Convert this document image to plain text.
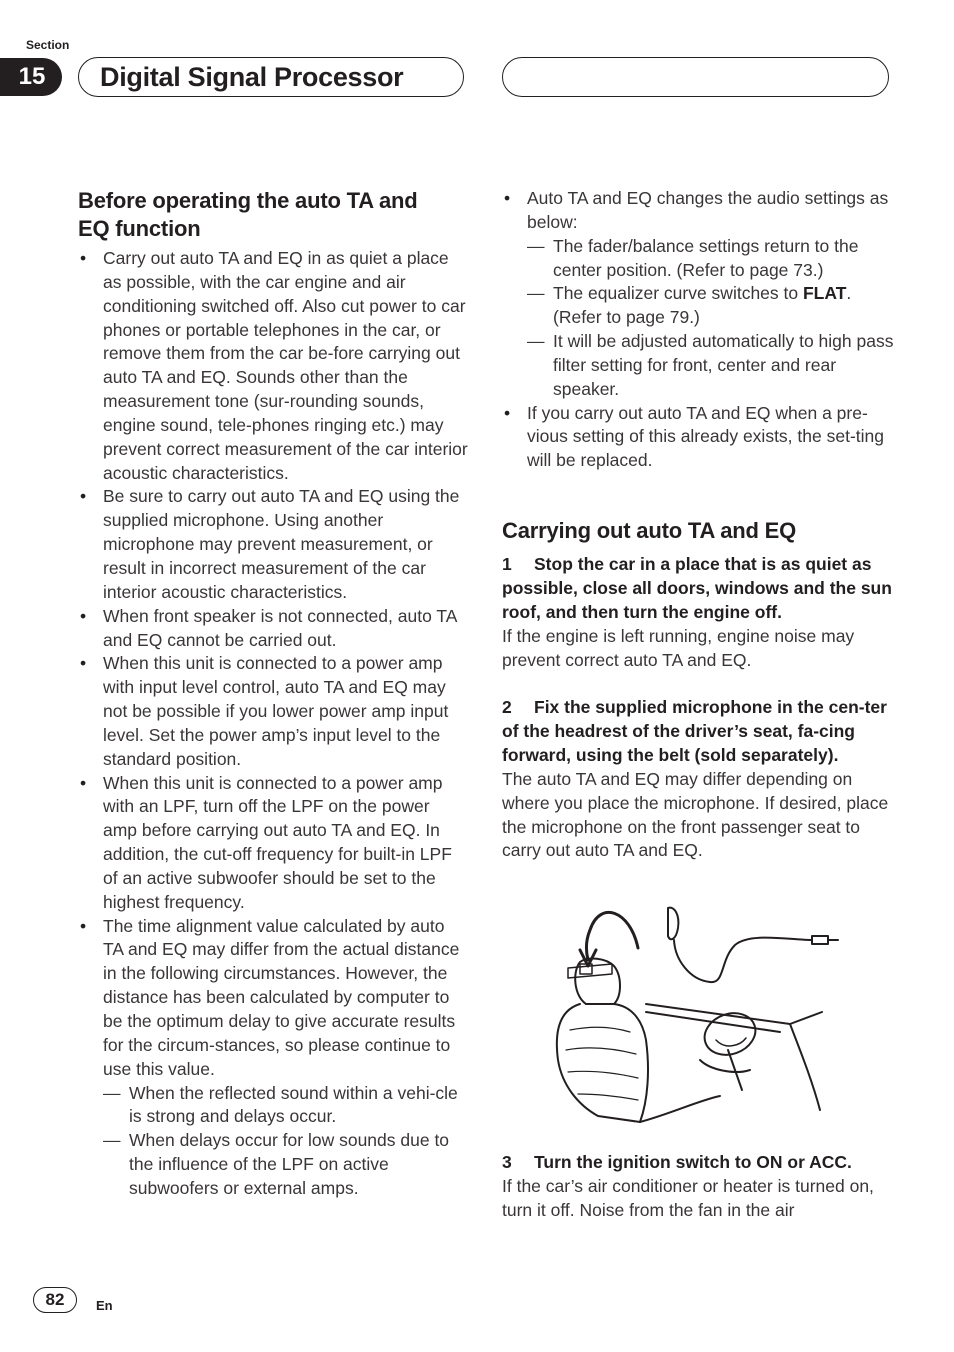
Section
15	Digital Signal Processor
Before operating the auto TA and EQ function
• Carry out auto TA and EQ in as quiet a place as possible, with the car engine and air conditioning switched off. Also cut power to car phones or portable telephones in the car, or remove them from the car be-fore carrying out auto TA and EQ. Sounds other than the measurement tone (sur-rounding sounds, engine sound, tele-phones ringing etc.) may prevent correct measurement of the car interior acoustic characteristics.
• Be sure to carry out auto TA and EQ using the supplied microphone. Using another microphone may prevent measurement, or result in incorrect measurement of the car interior acoustic characteristics.
• When front speaker is not connected, auto TA and EQ cannot be carried out.
• When this unit is connected to a power amp with input level control, auto TA and EQ may not be possible if you lower power amp input level. Set the power amp’s input level to the standard position.
• When this unit is connected to a power amp with an LPF, turn off the LPF on the power amp before carrying out auto TA and EQ. In addition, the cut-off frequency for built-in LPF of an active subwoofer should be set to the highest frequency.
• The time alignment value calculated by auto TA and EQ may differ from the actual distance in the following circumstances. However, the distance has been calculated by computer to be the optimum delay to give accurate results for the circum-stances, so please continue to use this value.
— When the reflected sound within a vehi-cle is strong and delays occur.
— When delays occur for low sounds due to the influence of the LPF on active subwoofers or external amps.
• Auto TA and EQ changes the audio settings as below:
— The fader/balance settings return to the center position. (Refer to page 73.)
— The equalizer curve switches to FLAT. (Refer to page 79.)
— It will be adjusted automatically to high pass filter setting for front, center and rear speaker.
• If you carry out auto TA and EQ when a pre-vious setting of this already exists, the set-ting will be replaced.
Carrying out auto TA and EQ
1 Stop the car in a place that is as quiet as possible, close all doors, windows and the sun roof, and then turn the engine off.
If the engine is left running, engine noise may prevent correct auto TA and EQ.
2 Fix the supplied microphone in the cen-ter of the headrest of the driver’s seat, fa-cing forward, using the belt (sold separately).
The auto TA and EQ may differ depending on where you place the microphone. If desired, place the microphone on the front passenger seat to carry out auto TA and EQ.
3 Turn the ignition switch to ON or ACC.
If the car’s air conditioner or heater is turned on, turn it off. Noise from the fan in the air
82	En
